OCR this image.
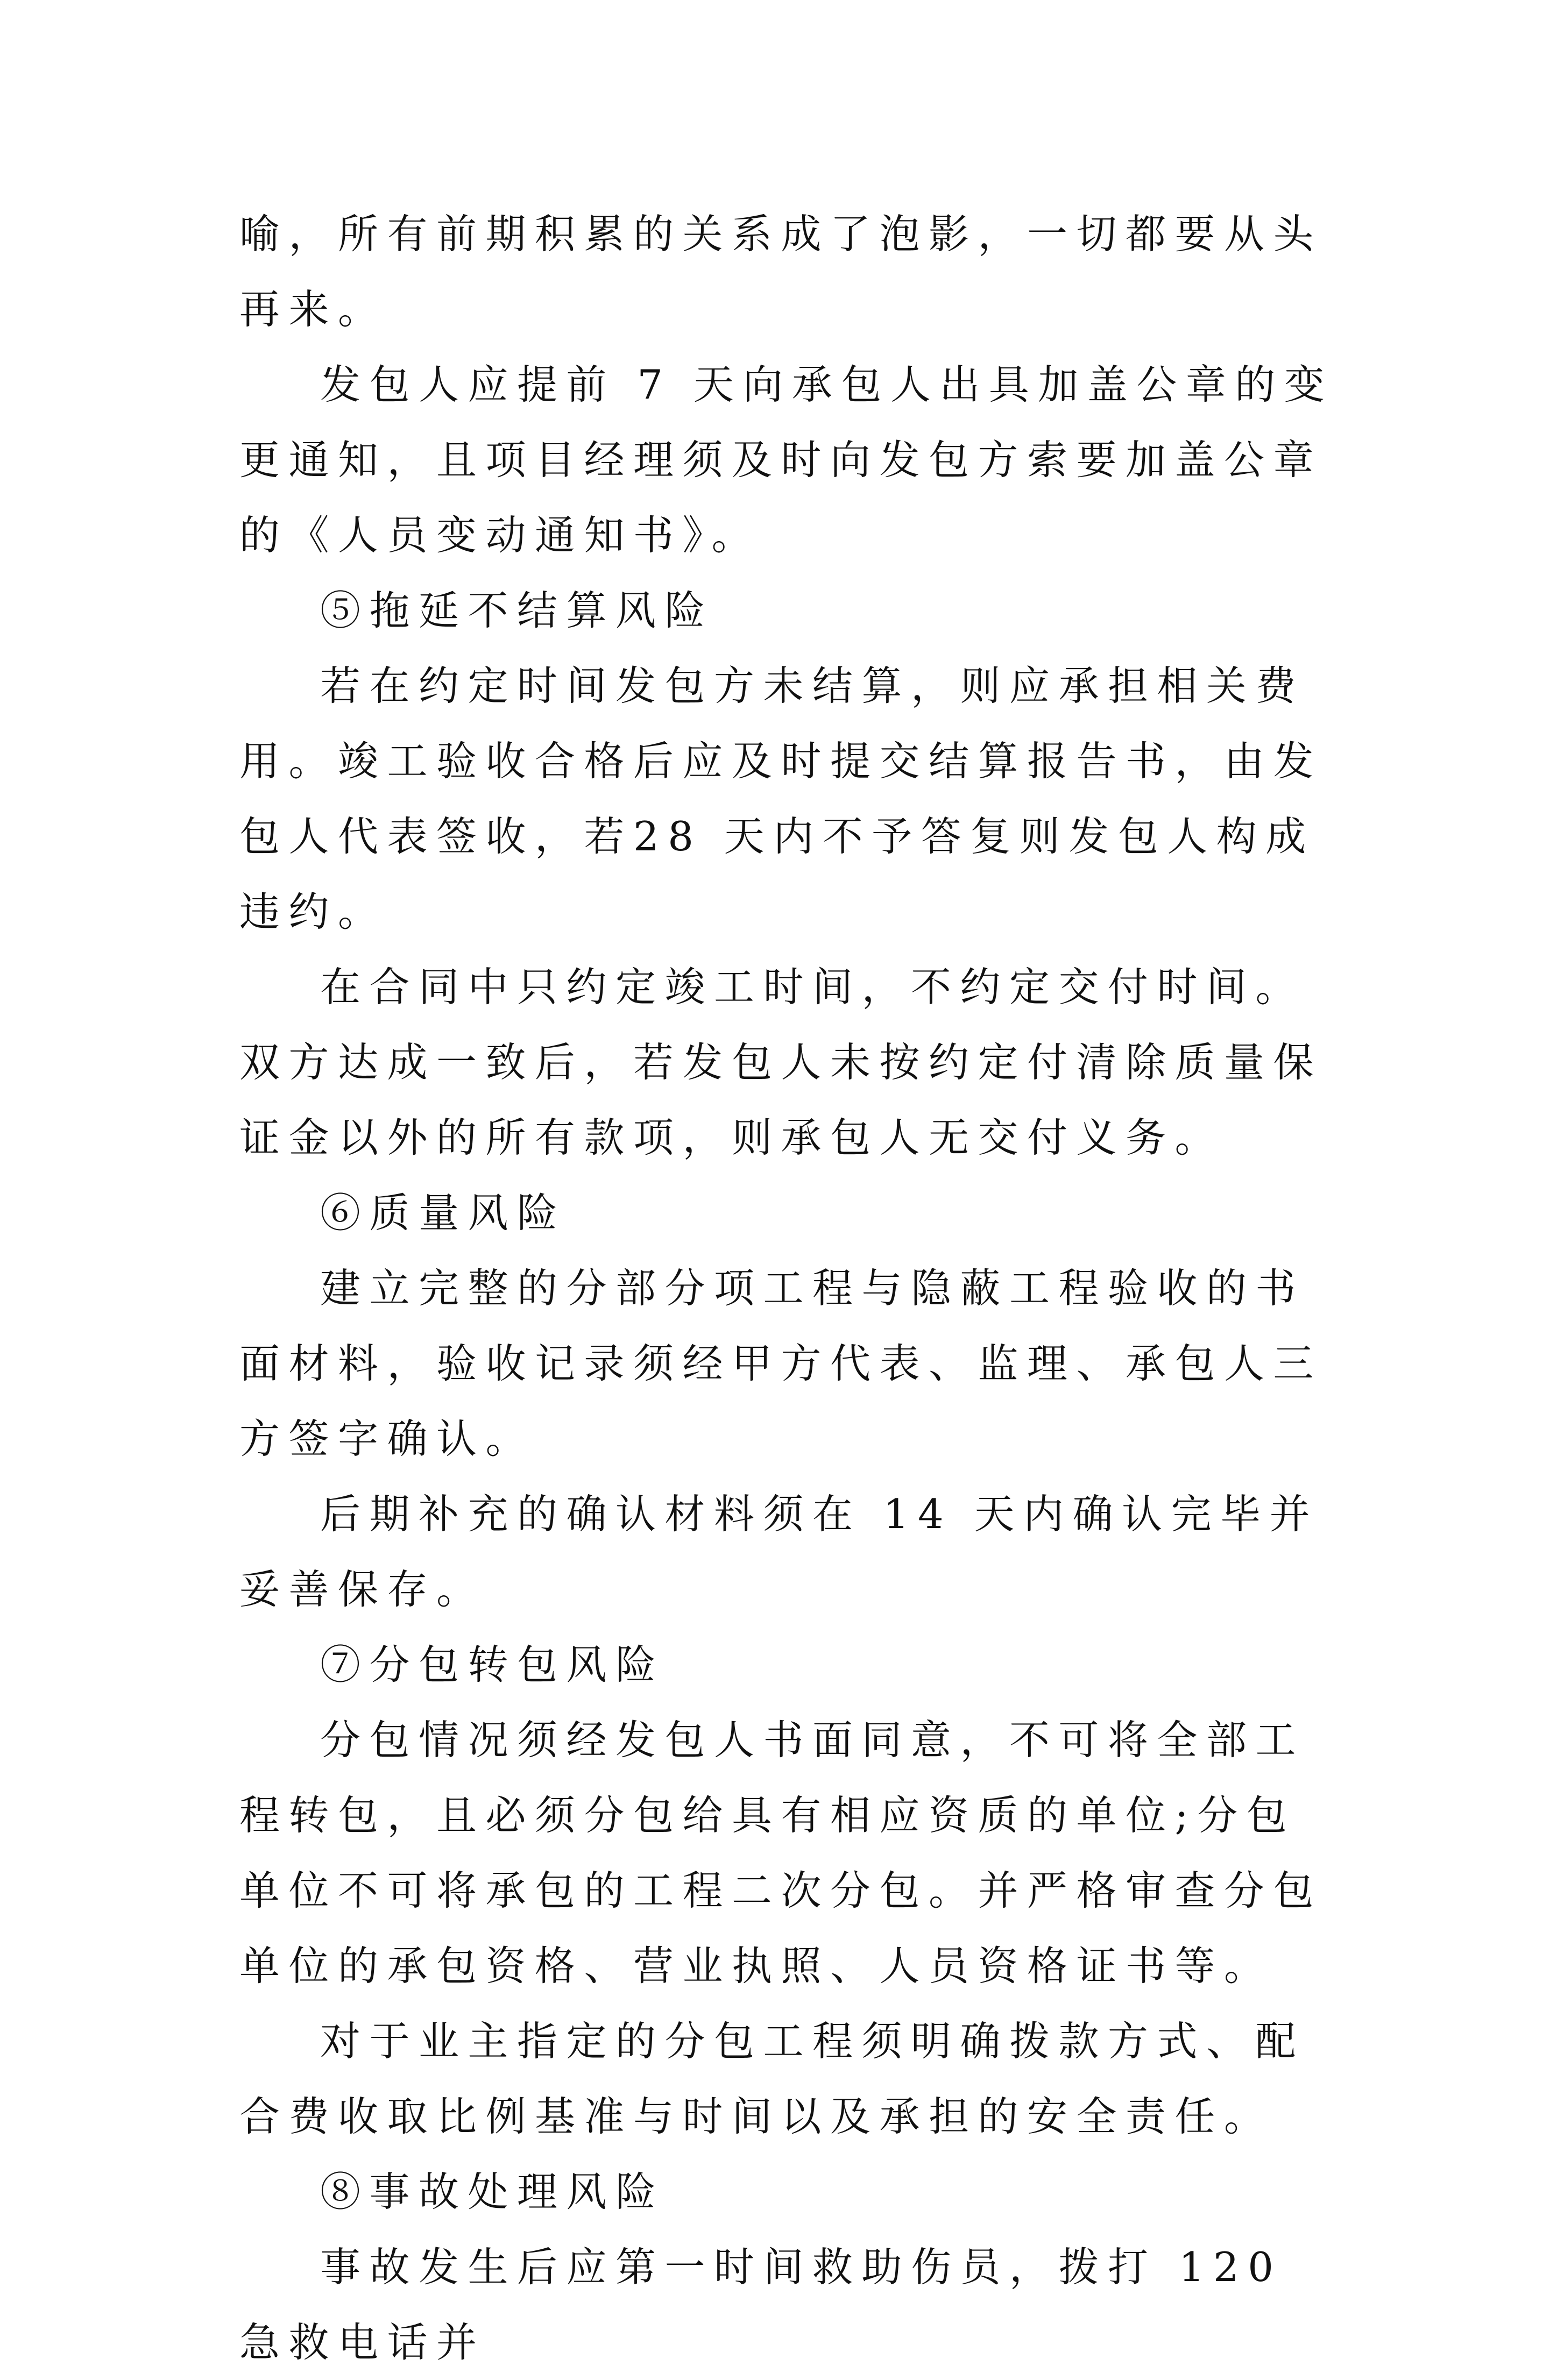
喻，所有前期积累的关系成了泡影，一切都要从头再来。

发包人应提前 7 天向承包人出具加盖公章的变更通知，且项目经理须及时向发包方索要加盖公章的《人员变动通知书》。

⑤拖延不结算风险

若在约定时间发包方未结算，则应承担相关费用。竣工验收合格后应及时提交结算报告书，由发包人代表签收，若28 天内不予答复则发包人构成违约。

在合同中只约定竣工时间，不约定交付时间。双方达成一致后，若发包人未按约定付清除质量保证金以外的所有款项，则承包人无交付义务。

⑥质量风险

建立完整的分部分项工程与隐蔽工程验收的书面材料，验收记录须经甲方代表、监理、承包人三方签字确认。

后期补充的确认材料须在 14 天内确认完毕并妥善保存。

⑦分包转包风险

分包情况须经发包人书面同意，不可将全部工程转包，且必须分包给具有相应资质的单位;分包单位不可将承包的工程二次分包。并严格审查分包单位的承包资格、营业执照、人员资格证书等。

对于业主指定的分包工程须明确拨款方式、配合费收取比例基准与时间以及承担的安全责任。

⑧事故处理风险

事故发生后应第一时间救助伤员，拨打 120 急救电话并
